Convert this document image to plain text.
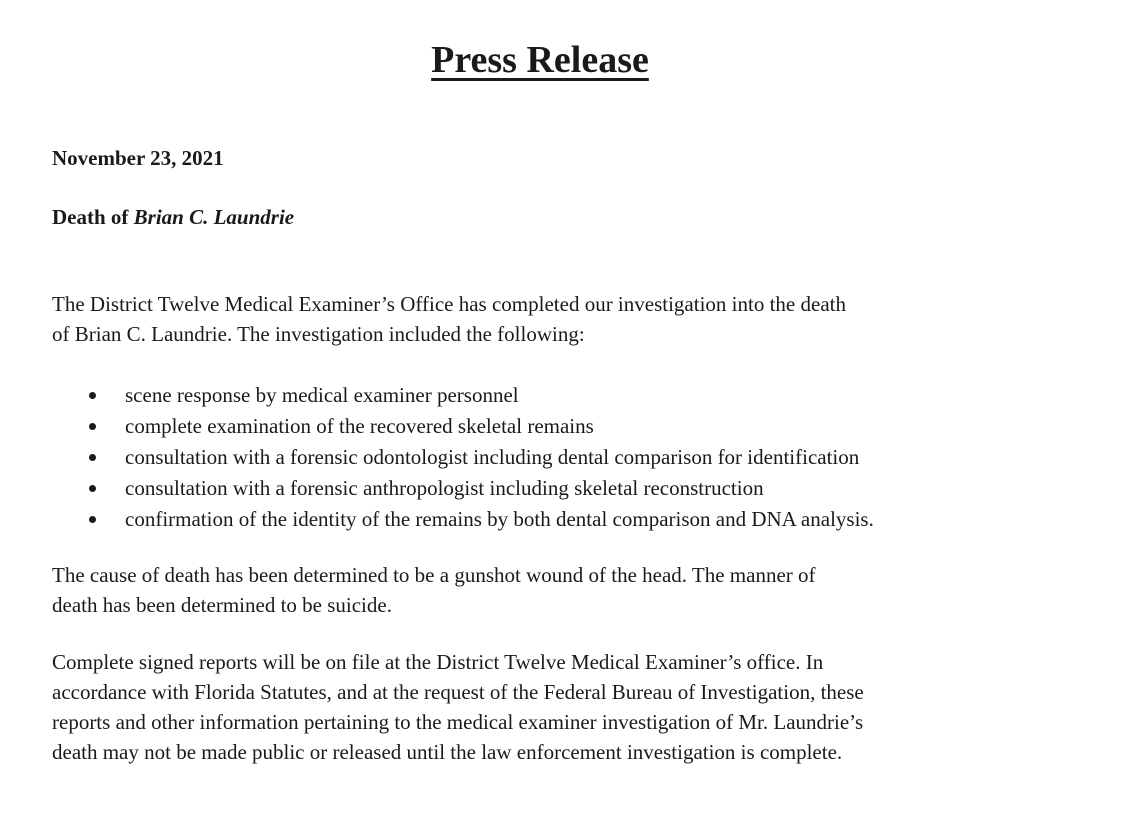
Press Release

November 23, 2021

Death of Brian C. Laundrie

The District Twelve Medical Examiner’s Office has completed our investigation into the death
of Brian C. Laundrie. The investigation included the following:

scene response by medical examiner personnel
complete examination of the recovered skeletal remains
consultation with a forensic odontologist including dental comparison for identification
consultation with a forensic anthropologist including skeletal reconstruction
confirmation of the identity of the remains by both dental comparison and DNA analysis.

The cause of death has been determined to be a gunshot wound of the head. The manner of
death has been determined to be suicide.

Complete signed reports will be on file at the District Twelve Medical Examiner’s office. In
accordance with Florida Statutes, and at the request of the Federal Bureau of Investigation, these
reports and other information pertaining to the medical examiner investigation of Mr. Laundrie’s
death may not be made public or released until the law enforcement investigation is complete.
